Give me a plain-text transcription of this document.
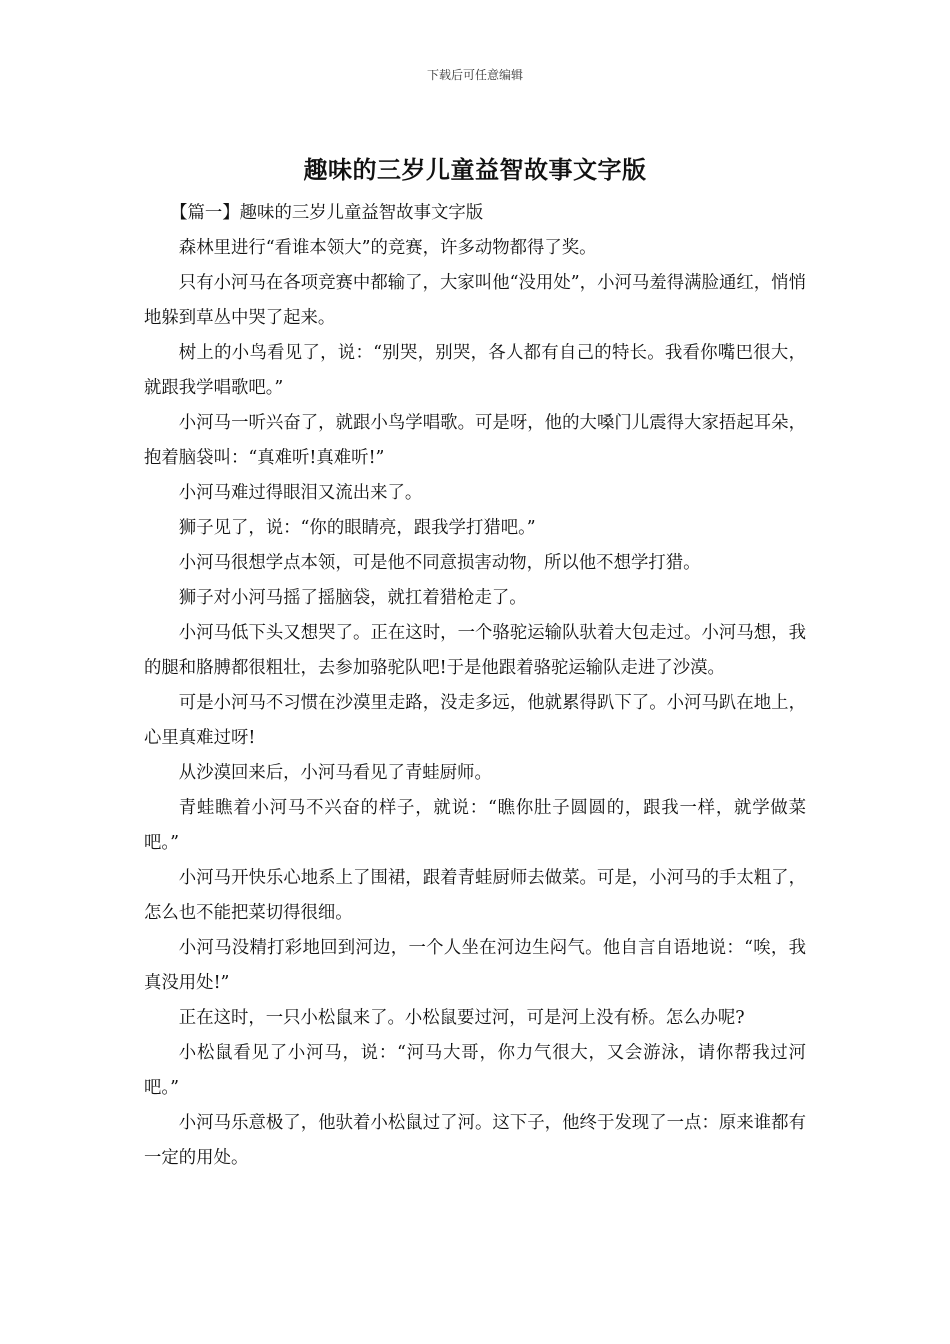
下载后可任意编辑
趣味的三岁儿童益智故事文字版

【篇一】趣味的三岁儿童益智故事文字版

森林里进行“看谁本领大”的竞赛，许多动物都得了奖。

只有小河马在各项竞赛中都输了，大家叫他“没用处”，小河马羞得满脸通红，悄悄地躲到草丛中哭了起来。

树上的小鸟看见了，说：“别哭，别哭，各人都有自己的特长。我看你嘴巴很大，就跟我学唱歌吧。”

小河马一听兴奋了，就跟小鸟学唱歌。可是呀，他的大嗓门儿震得大家捂起耳朵，抱着脑袋叫：“真难听!真难听!”

小河马难过得眼泪又流出来了。

狮子见了，说：“你的眼睛亮，跟我学打猎吧。”

小河马很想学点本领，可是他不同意损害动物，所以他不想学打猎。

狮子对小河马摇了摇脑袋，就扛着猎枪走了。

小河马低下头又想哭了。正在这时，一个骆驼运输队驮着大包走过。小河马想，我的腿和胳膊都很粗壮，去参加骆驼队吧!于是他跟着骆驼运输队走进了沙漠。

可是小河马不习惯在沙漠里走路，没走多远，他就累得趴下了。小河马趴在地上，心里真难过呀!

从沙漠回来后，小河马看见了青蛙厨师。

青蛙瞧着小河马不兴奋的样子，就说：“瞧你肚子圆圆的，跟我一样，就学做菜吧。”

小河马开快乐心地系上了围裙，跟着青蛙厨师去做菜。可是，小河马的手太粗了，怎么也不能把菜切得很细。

小河马没精打彩地回到河边，一个人坐在河边生闷气。他自言自语地说：“唉，我真没用处!”

正在这时，一只小松鼠来了。小松鼠要过河，可是河上没有桥。怎么办呢?

小松鼠看见了小河马，说：“河马大哥，你力气很大，又会游泳，请你帮我过河吧。”

小河马乐意极了，他驮着小松鼠过了河。这下子，他终于发现了一点：原来谁都有一定的用处。
